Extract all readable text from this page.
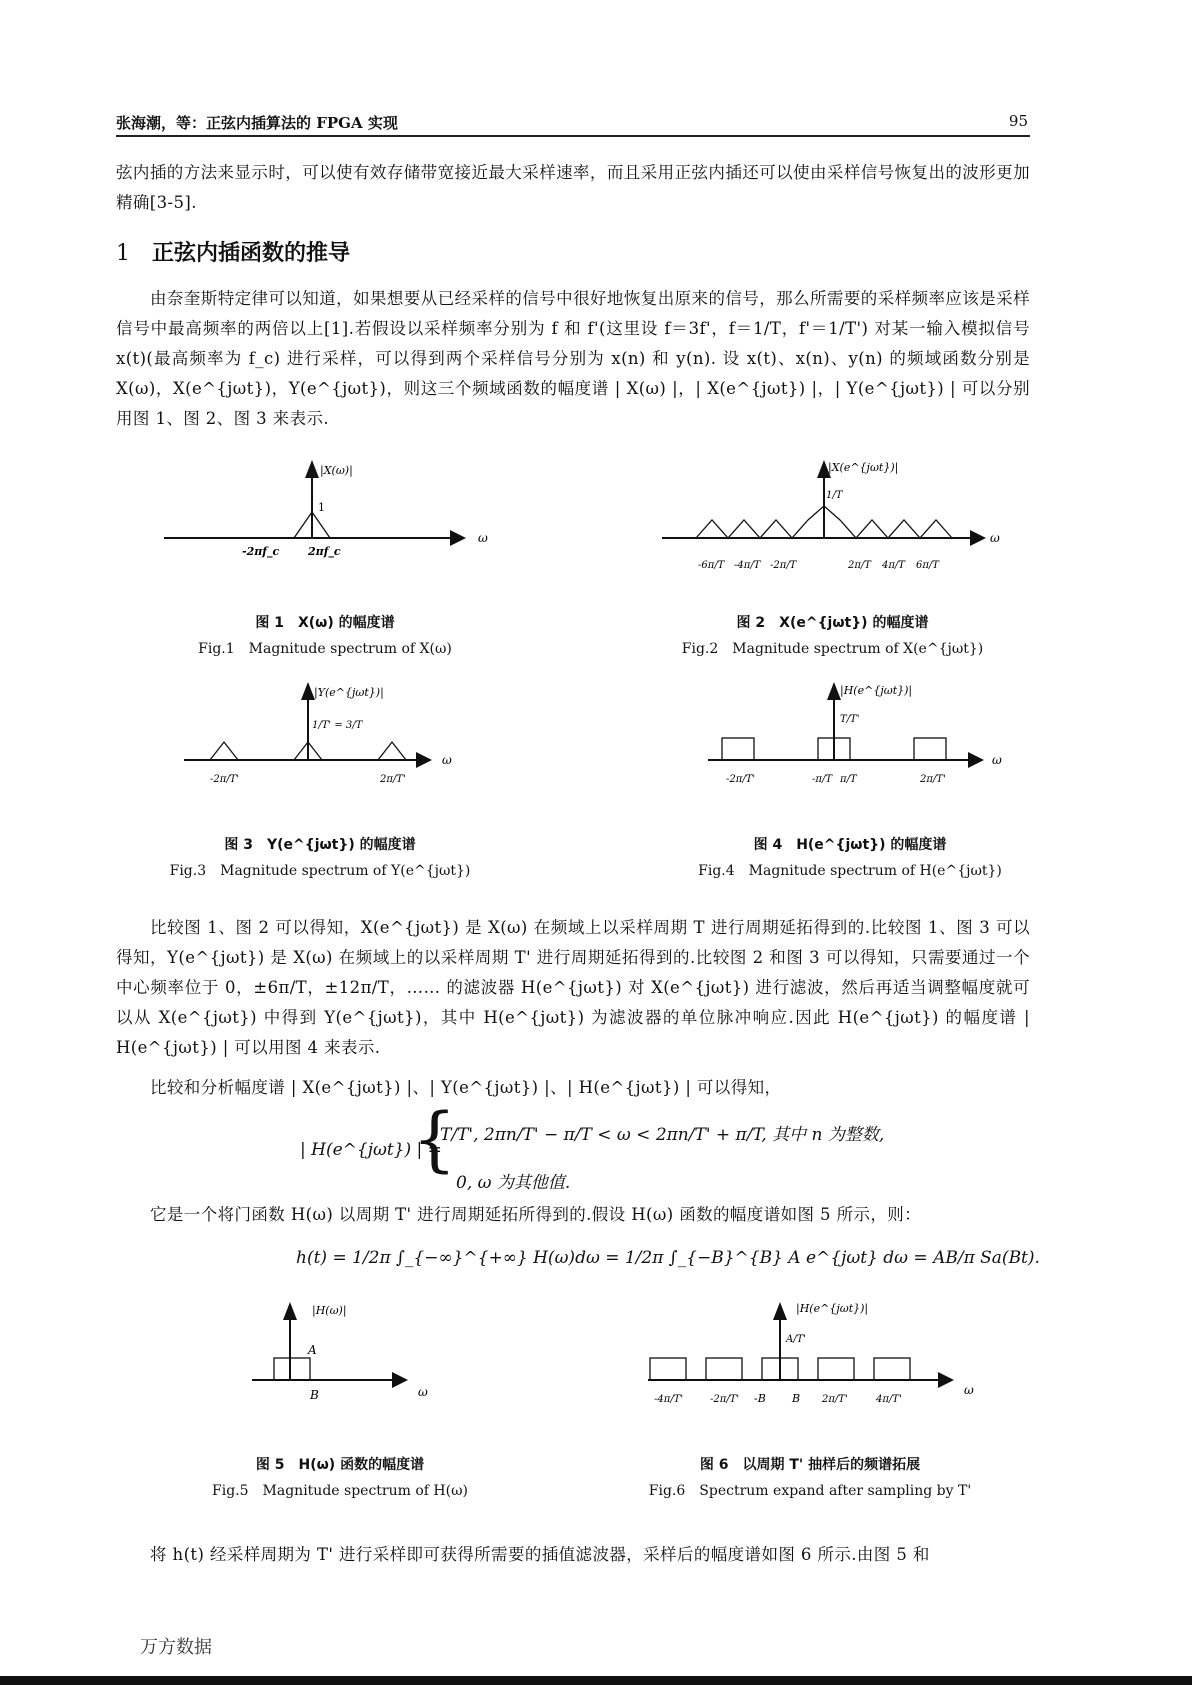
张海潮，等：正弦内插算法的 FPGA 实现	95

弦内插的方法来显示时，可以使有效存储带宽接近最大采样速率，而且采用正弦内插还可以使由采样信号恢复出的波形更加精确[3-5].

1 正弦内插函数的推导

由奈奎斯特定律可以知道，如果想要从已经采样的信号中很好地恢复出原来的信号，那么所需要的采样频率应该是采样信号中最高频率的两倍以上[1].若假设以采样频率分别为 f 和 f'(这里设 f＝3f'，f＝1/T，f'＝1/T') 对某一输入模拟信号 x(t)(最高频率为 f_c) 进行采样，可以得到两个采样信号分别为 x(n) 和 y(n). 设 x(t)、x(n)、y(n) 的频域函数分别是 X(ω)，X(e^{jωt})，Y(e^{jωt})，则这三个频域函数的幅度谱 | X(ω) |，| X(e^{jωt}) |，| Y(e^{jωt}) | 可以分别用图 1、图 2、图 3 来表示.

|X(ω)|
1
ω
-2πf_c	2πf_c
图 1　X(ω) 的幅度谱
Fig.1　Magnitude spectrum of X(ω)
|X(e^{jωt})|
1/T
ω
-6π/T -4π/T -2π/T	2π/T 4π/T 6π/T
图 2　X(e^{jωt}) 的幅度谱
Fig.2　Magnitude spectrum of X(e^{jωt})
|Y(e^{jωt})|
1/T' = 3/T
ω
-2π/T'	2π/T'
图 3　Y(e^{jωt}) 的幅度谱
Fig.3　Magnitude spectrum of Y(e^{jωt})
|H(e^{jωt})|
T/T'
ω
-2π/T'	-π/T π/T	2π/T'
图 4　H(e^{jωt}) 的幅度谱
Fig.4　Magnitude spectrum of H(e^{jωt})

比较图 1、图 2 可以得知，X(e^{jωt}) 是 X(ω) 在频域上以采样周期 T 进行周期延拓得到的.比较图 1、图 3 可以得知，Y(e^{jωt}) 是 X(ω) 在频域上的以采样周期 T' 进行周期延拓得到的.比较图 2 和图 3 可以得知，只需要通过一个中心频率位于 0，±6π/T，±12π/T，…… 的滤波器 H(e^{jωt}) 对 X(e^{jωt}) 进行滤波，然后再适当调整幅度就可以从 X(e^{jωt}) 中得到 Y(e^{jωt})，其中 H(e^{jωt}) 为滤波器的单位脉冲响应.因此 H(e^{jωt}) 的幅度谱 | H(e^{jωt}) | 可以用图 4 来表示.

比较和分析幅度谱 | X(e^{jωt}) |、| Y(e^{jωt}) |、| H(e^{jωt}) | 可以得知，

| H(e^{jωt}) | =
{
T/T', 2πn/T' − π/T < ω < 2πn/T' + π/T, 其中 n 为整数,
0, ω 为其他值.

它是一个将门函数 H(ω) 以周期 T' 进行周期延拓所得到的.假设 H(ω) 函数的幅度谱如图 5 所示，则：

h(t) = 1/2π ∫_{−∞}^{+∞} H(ω)dω = 1/2π ∫_{−B}^{B} A e^{jωt} dω = AB/π Sa(Bt).
|H(ω)|
A
ω
B
图 5　H(ω) 函数的幅度谱
Fig.5　Magnitude spectrum of H(ω)
|H(e^{jωt})|
A/T'
ω
-4π/T'	-2π/T' -B B 2π/T'	4π/T'
图 6　以周期 T' 抽样后的频谱拓展
Fig.6　Spectrum expand after sampling by T'

将 h(t) 经采样周期为 T' 进行采样即可获得所需要的插值滤波器，采样后的幅度谱如图 6 所示.由图 5 和

万方数据
